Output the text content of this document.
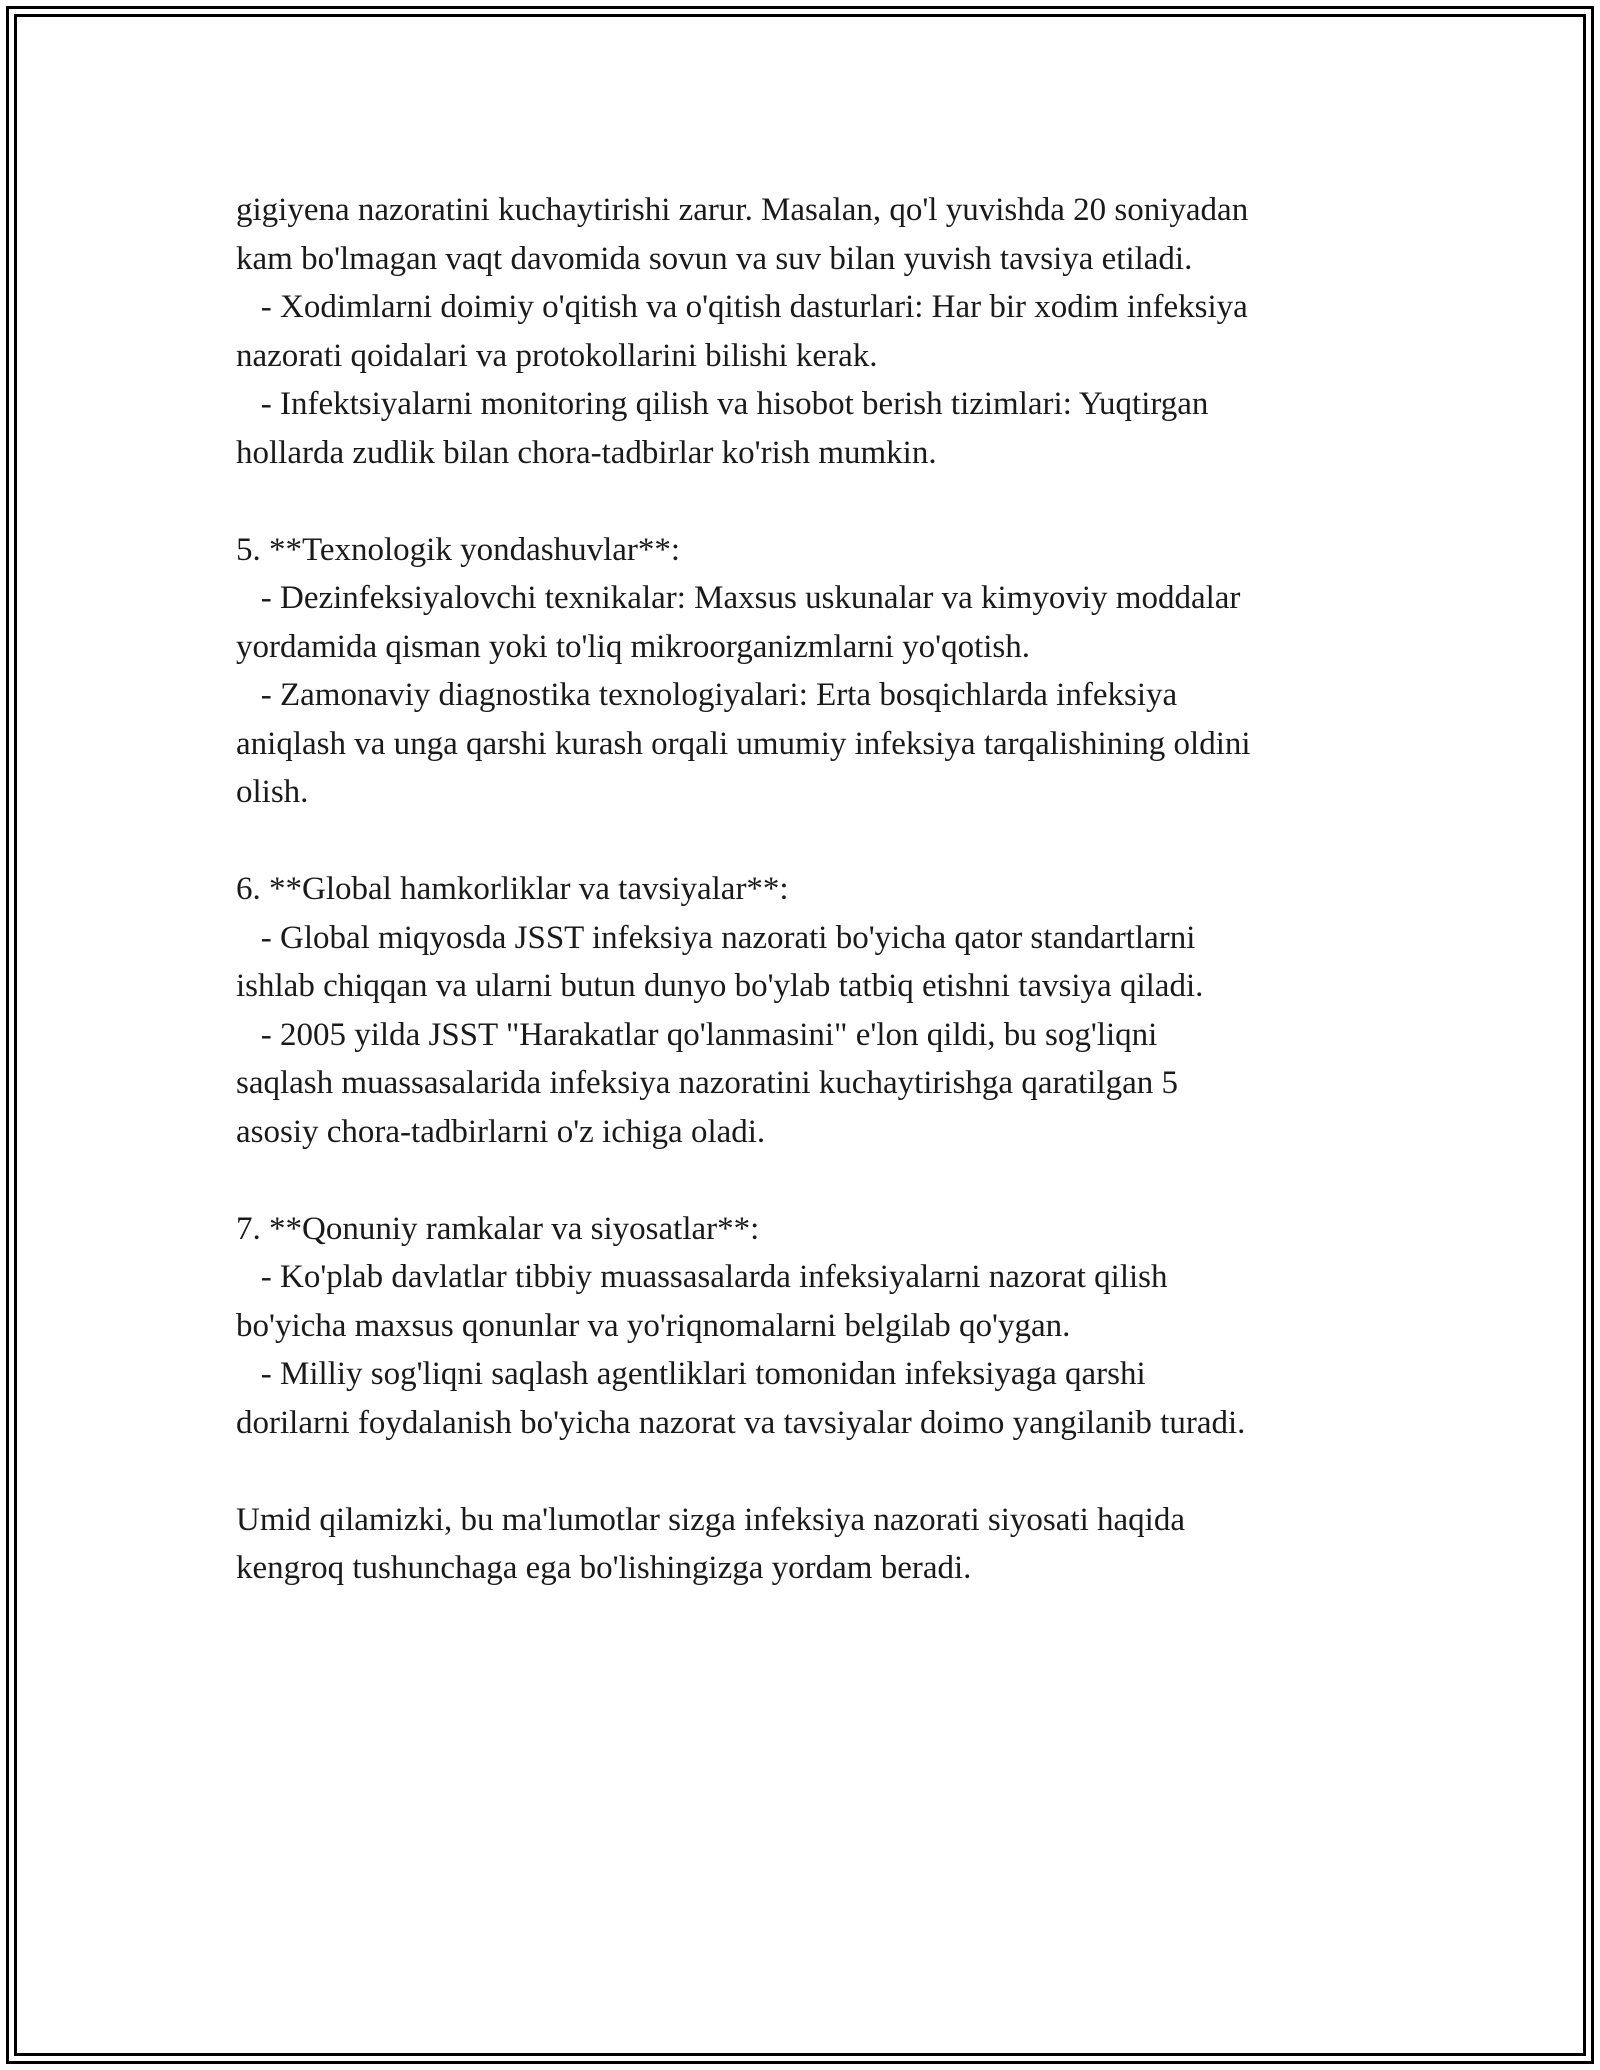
gigiyena nazoratini kuchaytirishi zarur. Masalan, qo'l yuvishda 20 soniyadan
kam bo'lmagan vaqt davomida sovun va suv bilan yuvish tavsiya etiladi.
- Xodimlarni doimiy o'qitish va o'qitish dasturlari: Har bir xodim infeksiya
nazorati qoidalari va protokollarini bilishi kerak.
- Infektsiyalarni monitoring qilish va hisobot berish tizimlari: Yuqtirgan
hollarda zudlik bilan chora-tadbirlar ko'rish mumkin.
5. **Texnologik yondashuvlar**:
- Dezinfeksiyalovchi texnikalar: Maxsus uskunalar va kimyoviy moddalar
yordamida qisman yoki to'liq mikroorganizmlarni yo'qotish.
- Zamonaviy diagnostika texnologiyalari: Erta bosqichlarda infeksiya
aniqlash va unga qarshi kurash orqali umumiy infeksiya tarqalishining oldini
olish.
6. **Global hamkorliklar va tavsiyalar**:
- Global miqyosda JSST infeksiya nazorati bo'yicha qator standartlarni
ishlab chiqqan va ularni butun dunyo bo'ylab tatbiq etishni tavsiya qiladi.
- 2005 yilda JSST "Harakatlar qo'lanmasini" e'lon qildi, bu sog'liqni
saqlash muassasalarida infeksiya nazoratini kuchaytirishga qaratilgan 5
asosiy chora-tadbirlarni o'z ichiga oladi.
7. **Qonuniy ramkalar va siyosatlar**:
- Ko'plab davlatlar tibbiy muassasalarda infeksiyalarni nazorat qilish
bo'yicha maxsus qonunlar va yo'riqnomalarni belgilab qo'ygan.
- Milliy sog'liqni saqlash agentliklari tomonidan infeksiyaga qarshi
dorilarni foydalanish bo'yicha nazorat va tavsiyalar doimo yangilanib turadi.
Umid qilamizki, bu ma'lumotlar sizga infeksiya nazorati siyosati haqida
kengroq tushunchaga ega bo'lishingizga yordam beradi.
